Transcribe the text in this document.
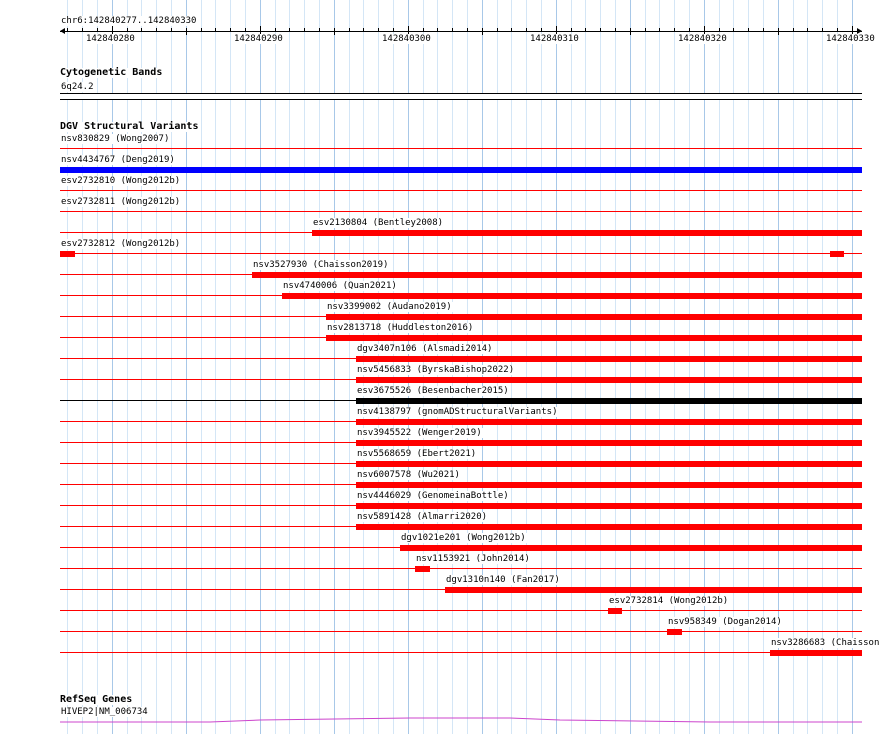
chr6:142840277..142840330
142840280	142840290	142840300	142840310	142840320	142840330
Cytogenetic Bands
6q24.2
DGV Structural Variants
nsv830829 (Wong2007)
nsv4434767 (Deng2019)
esv2732810 (Wong2012b)
esv2732811 (Wong2012b)
esv2130804 (Bentley2008)
esv2732812 (Wong2012b)
nsv3527930 (Chaisson2019)
nsv4740006 (Quan2021)
nsv3399002 (Audano2019)
nsv2813718 (Huddleston2016)
dgv3407n106 (Alsmadi2014)
nsv5456833 (ByrskaBishop2022)
esv3675526 (Besenbacher2015)
nsv4138797 (gnomADStructuralVariants)
nsv3945522 (Wenger2019)
nsv5568659 (Ebert2021)
nsv6007578 (Wu2021)
nsv4446029 (GenomeinaBottle)
nsv5891428 (Almarri2020)
dgv1021e201 (Wong2012b)
nsv1153921 (John2014)
dgv1310n140 (Fan2017)
esv2732814 (Wong2012b)
nsv958349 (Dogan2014)
nsv3286683 (Chaisson
RefSeq Genes
HIVEP2|NM_006734
